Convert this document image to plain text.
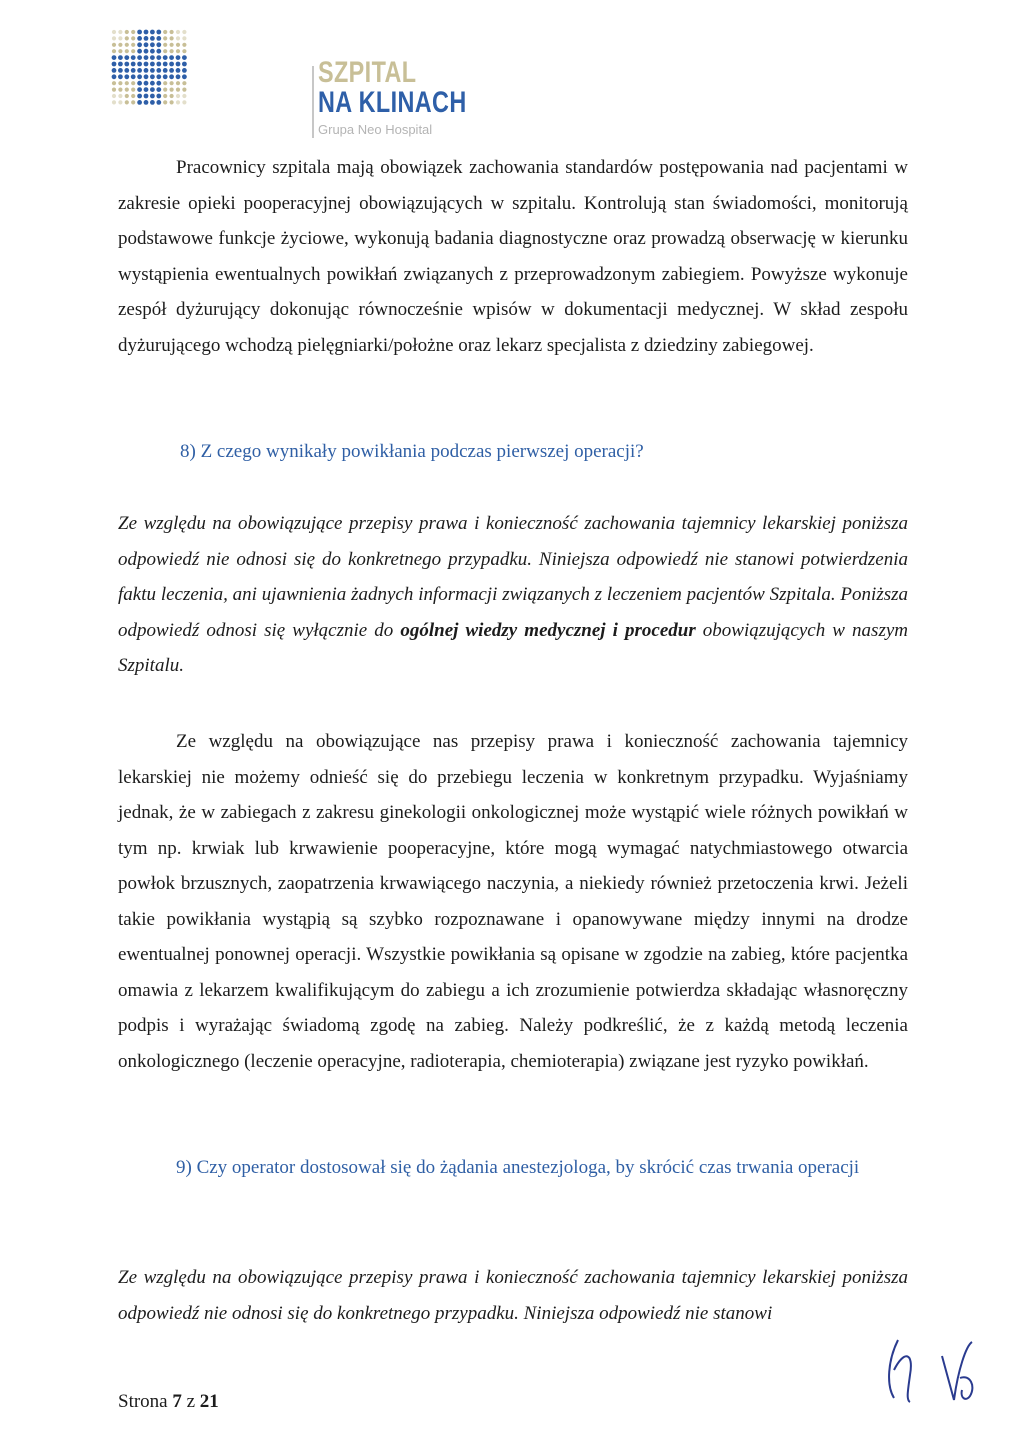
SZPITAL
NA KLINACH
Grupa Neo Hospital

Pracownicy szpitala mają obowiązek zachowania standardów postępowania nad pacjentami w zakresie opieki pooperacyjnej obowiązujących w szpitalu. Kontrolują stan świadomości, monitorują podstawowe funkcje życiowe, wykonują badania diagnostyczne oraz prowadzą obserwację w kierunku wystąpienia ewentualnych powikłań związanych z przeprowadzonym zabiegiem. Powyższe wykonuje zespół dyżurujący dokonując równocześnie wpisów w dokumentacji medycznej. W skład zespołu dyżurującego wchodzą pielęgniarki/położne oraz lekarz specjalista z dziedziny zabiegowej.

8) Z czego wynikały powikłania podczas pierwszej operacji?

Ze względu na obowiązujące przepisy prawa i konieczność zachowania tajemnicy lekarskiej poniższa odpowiedź nie odnosi się do konkretnego przypadku. Niniejsza odpowiedź nie stanowi potwierdzenia faktu leczenia, ani ujawnienia żadnych informacji związanych z leczeniem pacjentów Szpitala. Poniższa odpowiedź odnosi się wyłącznie do ogólnej wiedzy medycznej i procedur obowiązujących w naszym Szpitalu.

Ze względu na obowiązujące nas przepisy prawa i konieczność zachowania tajemnicy lekarskiej nie możemy odnieść się do przebiegu leczenia w konkretnym przypadku. Wyjaśniamy jednak, że w zabiegach z zakresu ginekologii onkologicznej może wystąpić wiele różnych powikłań w tym np. krwiak lub krwawienie pooperacyjne, które mogą wymagać natychmiastowego otwarcia powłok brzusznych, zaopatrzenia krwawiącego naczynia, a niekiedy również przetoczenia krwi. Jeżeli takie powikłania wystąpią są szybko rozpoznawane i opanowywane między innymi na drodze ewentualnej ponownej operacji. Wszystkie powikłania są opisane w zgodzie na zabieg, które pacjentka omawia z lekarzem kwalifikującym do zabiegu a ich zrozumienie potwierdza składając własnoręczny podpis i wyrażając świadomą zgodę na zabieg. Należy podkreślić, że z każdą metodą leczenia onkologicznego (leczenie operacyjne, radioterapia, chemioterapia) związane jest ryzyko powikłań.

9) Czy operator dostosował się do żądania anestezjologa, by skrócić czas trwania operacji

Ze względu na obowiązujące przepisy prawa i konieczność zachowania tajemnicy lekarskiej poniższa odpowiedź nie odnosi się do konkretnego przypadku. Niniejsza odpowiedź nie stanowi

Strona 7 z 21
